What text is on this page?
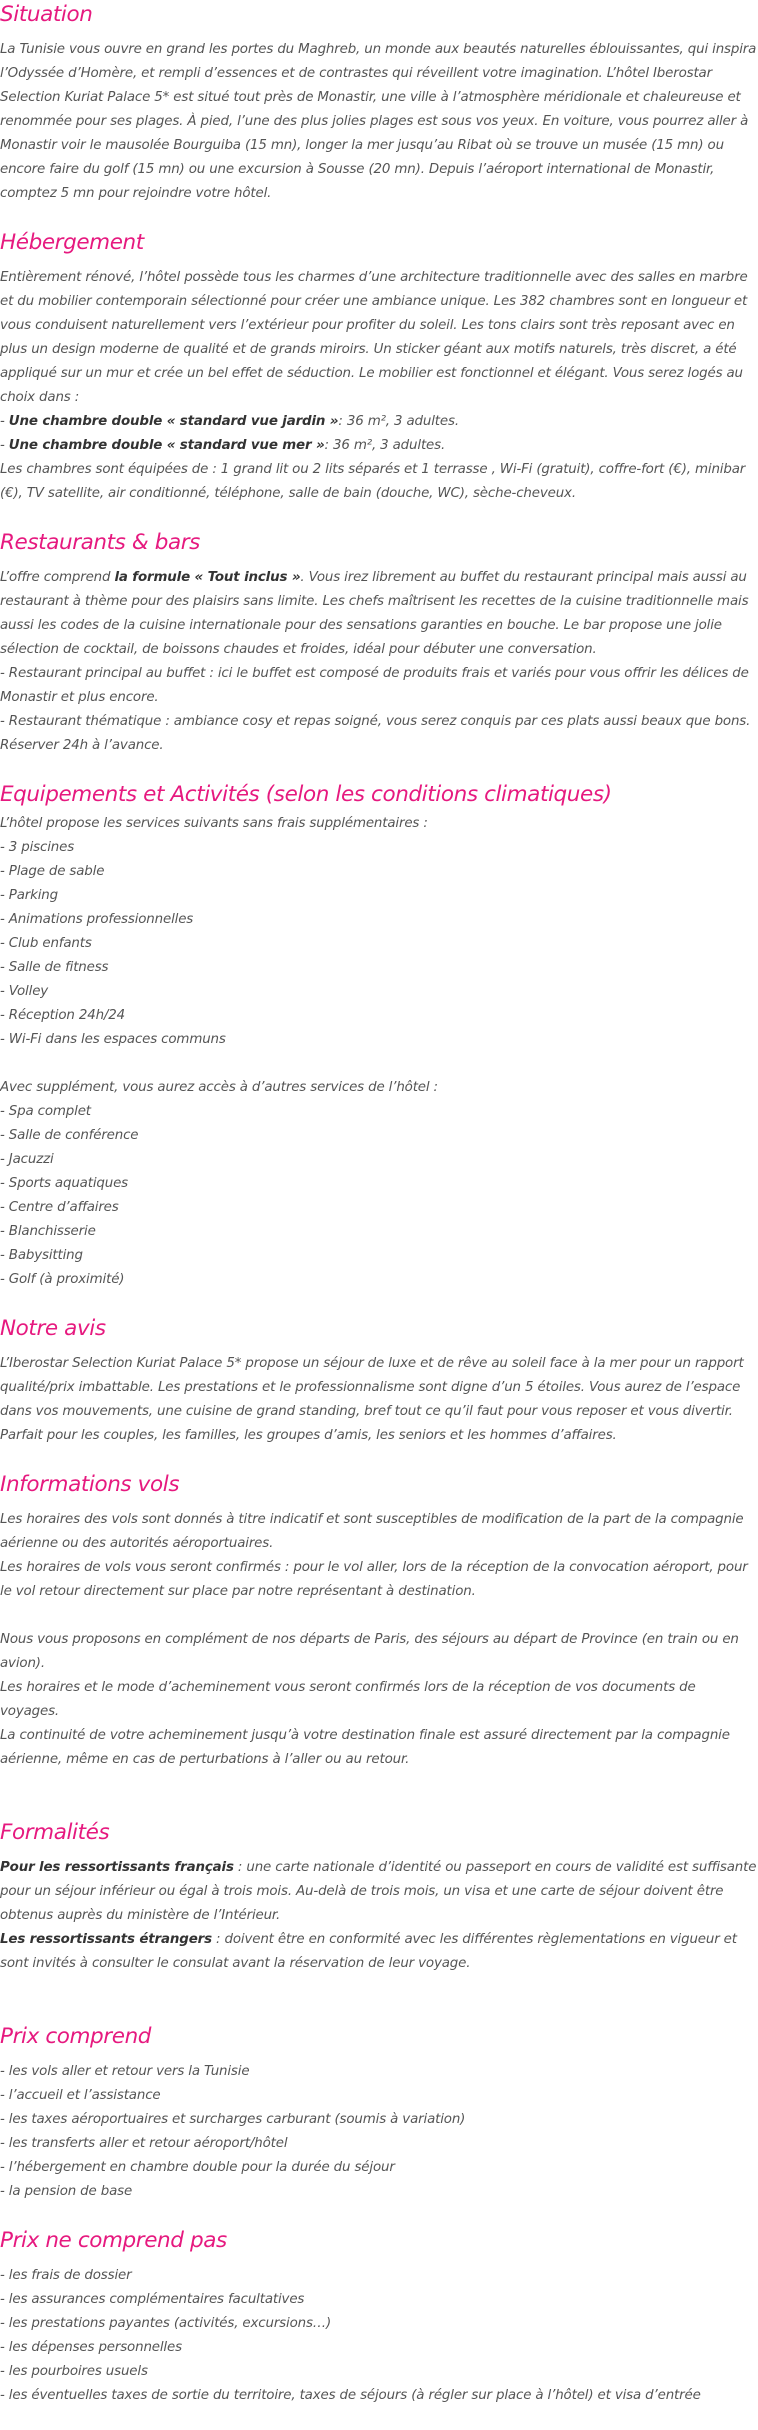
Situation

La Tunisie vous ouvre en grand les portes du Maghreb, un monde aux beautés naturelles éblouissantes, qui inspira l’Odyssée d’Homère, et rempli d’essences et de contrastes qui réveillent votre imagination. L’hôtel Iberostar Selection Kuriat Palace 5* est situé tout près de Monastir, une ville à l’atmosphère méridionale et chaleureuse et renommée pour ses plages. À pied, l’une des plus jolies plages est sous vos yeux. En voiture, vous pourrez aller à Monastir voir le mausolée Bourguiba (15 mn), longer la mer jusqu’au Ribat où se trouve un musée (15 mn) ou encore faire du golf (15 mn) ou une excursion à Sousse (20 mn). Depuis l’aéroport international de Monastir, comptez 5 mn pour rejoindre votre hôtel.

Hébergement

Entièrement rénové, l’hôtel possède tous les charmes d’une architecture traditionnelle avec des salles en marbre et du mobilier contemporain sélectionné pour créer une ambiance unique. Les 382 chambres sont en longueur et vous conduisent naturellement vers l’extérieur pour profiter du soleil. Les tons clairs sont très reposant avec en plus un design moderne de qualité et de grands miroirs. Un sticker géant aux motifs naturels, très discret, a été appliqué sur un mur et crée un bel effet de séduction. Le mobilier est fonctionnel et élégant. Vous serez logés au choix dans :

- Une chambre double « standard vue jardin »: 36 m², 3 adultes.

- Une chambre double « standard vue mer »: 36 m², 3 adultes.

Les chambres sont équipées de : 1 grand lit ou 2 lits séparés et 1 terrasse , Wi-Fi (gratuit), coffre-fort (€), minibar (€), TV satellite, air conditionné, téléphone, salle de bain (douche, WC), sèche-cheveux.

Restaurants & bars

L’offre comprend la formule « Tout inclus ». Vous irez librement au buffet du restaurant principal mais aussi au restaurant à thème pour des plaisirs sans limite. Les chefs maîtrisent les recettes de la cuisine traditionnelle mais aussi les codes de la cuisine internationale pour des sensations garanties en bouche. Le bar propose une jolie sélection de cocktail, de boissons chaudes et froides, idéal pour débuter une conversation.

- Restaurant principal au buffet : ici le buffet est composé de produits frais et variés pour vous offrir les délices de Monastir et plus encore.

- Restaurant thématique : ambiance cosy et repas soigné, vous serez conquis par ces plats aussi beaux que bons. Réserver 24h à l’avance.

Equipements et Activités (selon les conditions climatiques)

L’hôtel propose les services suivants sans frais supplémentaires :

- 3 piscines
- Plage de sable
- Parking
- Animations professionnelles
- Club enfants
- Salle de fitness
- Volley
- Réception 24h/24
- Wi-Fi dans les espaces communs

Avec supplément, vous aurez accès à d’autres services de l’hôtel :

- Spa complet
- Salle de conférence
- Jacuzzi
- Sports aquatiques
- Centre d’affaires
- Blanchisserie
- Babysitting
- Golf (à proximité)
Notre avis

L’Iberostar Selection Kuriat Palace 5* propose un séjour de luxe et de rêve au soleil face à la mer pour un rapport qualité/prix imbattable. Les prestations et le professionnalisme sont digne d’un 5 étoiles. Vous aurez de l’espace dans vos mouvements, une cuisine de grand standing, bref tout ce qu’il faut pour vous reposer et vous divertir. Parfait pour les couples, les familles, les groupes d’amis, les seniors et les hommes d’affaires.

Informations vols

Les horaires des vols sont donnés à titre indicatif et sont susceptibles de modification de la part de la compagnie aérienne ou des autorités aéroportuaires.

Les horaires de vols vous seront confirmés : pour le vol aller, lors de la réception de la convocation aéroport, pour le vol retour directement sur place par notre représentant à destination.

Nous vous proposons en complément de nos départs de Paris, des séjours au départ de Province (en train ou en avion).

Les horaires et le mode d’acheminement vous seront confirmés lors de la réception de vos documents de voyages.

La continuité de votre acheminement jusqu’à votre destination finale est assuré directement par la compagnie aérienne, même en cas de perturbations à l’aller ou au retour.

Formalités

Pour les ressortissants français : une carte nationale d’identité ou passeport en cours de validité est suffisante pour un séjour inférieur ou égal à trois mois. Au-delà de trois mois, un visa et une carte de séjour doivent être obtenus auprès du ministère de l’Intérieur.

Les ressortissants étrangers : doivent être en conformité avec les différentes règlementations en vigueur et sont invités à consulter le consulat avant la réservation de leur voyage.

Prix comprend
- les vols aller et retour vers la Tunisie
- l’accueil et l’assistance
- les taxes aéroportuaires et surcharges carburant (soumis à variation)
- les transferts aller et retour aéroport/hôtel
- l’hébergement en chambre double pour la durée du séjour
- la pension de base
Prix ne comprend pas
- les frais de dossier
- les assurances complémentaires facultatives
- les prestations payantes (activités, excursions…)
- les dépenses personnelles
- les pourboires usuels
- les éventuelles taxes de sortie du territoire, taxes de séjours (à régler sur place à l’hôtel) et visa d’entrée
